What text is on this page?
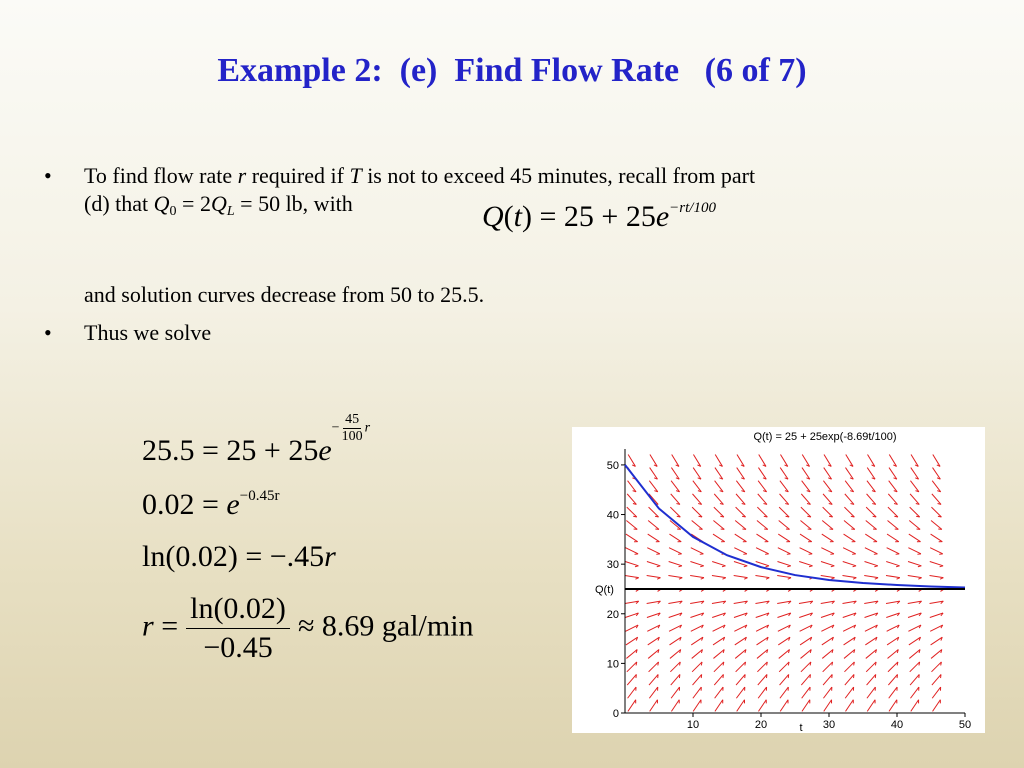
Example 2:  (e)  Find Flow Rate   (6 of 7)
• To find flow rate r required if T is not to exceed 45 minutes, recall from part
(d) that $Q_0 = 2Q_L = 50$ lb, with	$Q(t) = 25 + 25e^{-rt/100}$
and solution curves decrease from 50 to 25.5.
• Thus we solve
$25.5 = 25 + 25e- \frac{45}{100}$ r
$0.02 = e^{-0.45r}$
ln(0.02) = −.45r
$r = \frac{\ln(0.02)}{-0.45} \approx 8.69$ gal/min
0
10
20
30
40
50
10	20	30	40	50
Q(t) = 25 + 25exp(-8.69t/100)
Q(t)
t
